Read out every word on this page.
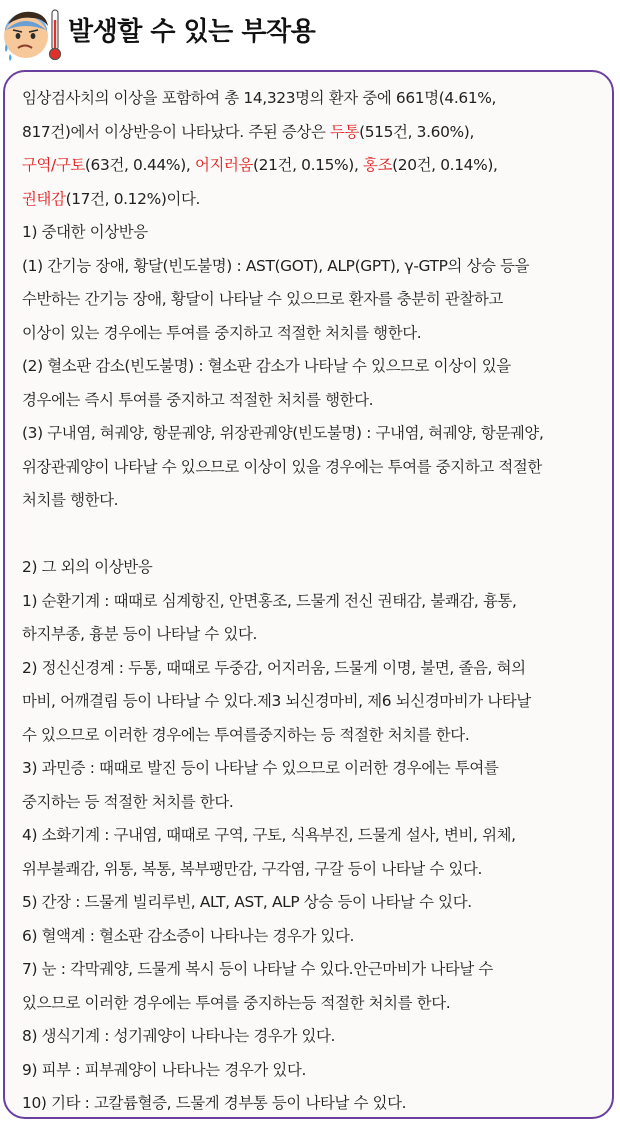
발생할 수 있는 부작용
임상검사치의 이상을 포함하여 총 14,323명의 환자 중에 661명(4.61%,
817건)에서 이상반응이 나타났다. 주된 증상은 두통(515건, 3.60%),
구역/구토(63건, 0.44%), 어지러움(21건, 0.15%), 홍조(20건, 0.14%),
권태감(17건, 0.12%)이다.
1) 중대한 이상반응
(1) 간기능 장애, 황달(빈도불명) : AST(GOT), ALP(GPT), γ-GTP의 상승 등을
수반하는 간기능 장애, 황달이 나타날 수 있으므로 환자를 충분히 관찰하고
이상이 있는 경우에는 투여를 중지하고 적절한 처치를 행한다.
(2) 혈소판 감소(빈도불명) : 혈소판 감소가 나타날 수 있으므로 이상이 있을
경우에는 즉시 투여를 중지하고 적절한 처치를 행한다.
(3) 구내염, 혀궤양, 항문궤양, 위장관궤양(빈도불명) : 구내염, 혀궤양, 항문궤양,
위장관궤양이 나타날 수 있으므로 이상이 있을 경우에는 투여를 중지하고 적절한
처치를 행한다.
2) 그 외의 이상반응
1) 순환기계 : 때때로 심계항진, 안면홍조, 드물게 전신 권태감, 불쾌감, 흉통,
하지부종, 흉분 등이 나타날 수 있다.
2) 정신신경계 : 두통, 때때로 두중감, 어지러움, 드물게 이명, 불면, 졸음, 혀의
마비, 어깨결림 등이 나타날 수 있다.제3 뇌신경마비, 제6 뇌신경마비가 나타날
수 있으므로 이러한 경우에는 투여를중지하는 등 적절한 처치를 한다.
3) 과민증 : 때때로 발진 등이 나타날 수 있으므로 이러한 경우에는 투여를
중지하는 등 적절한 처치를 한다.
4) 소화기계 : 구내염, 때때로 구역, 구토, 식욕부진, 드물게 설사, 변비, 위체,
위부불쾌감, 위통, 복통, 복부팽만감, 구각염, 구갈 등이 나타날 수 있다.
5) 간장 : 드물게 빌리루빈, ALT, AST, ALP 상승 등이 나타날 수 있다.
6) 혈액계 : 혈소판 감소증이 나타나는 경우가 있다.
7) 눈 : 각막궤양, 드물게 복시 등이 나타날 수 있다.안근마비가 나타날 수
있으므로 이러한 경우에는 투여를 중지하는등 적절한 처치를 한다.
8) 생식기계 : 성기궤양이 나타나는 경우가 있다.
9) 피부 : 피부궤양이 나타나는 경우가 있다.
10) 기타 : 고칼륨혈증, 드물게 경부통 등이 나타날 수 있다.
